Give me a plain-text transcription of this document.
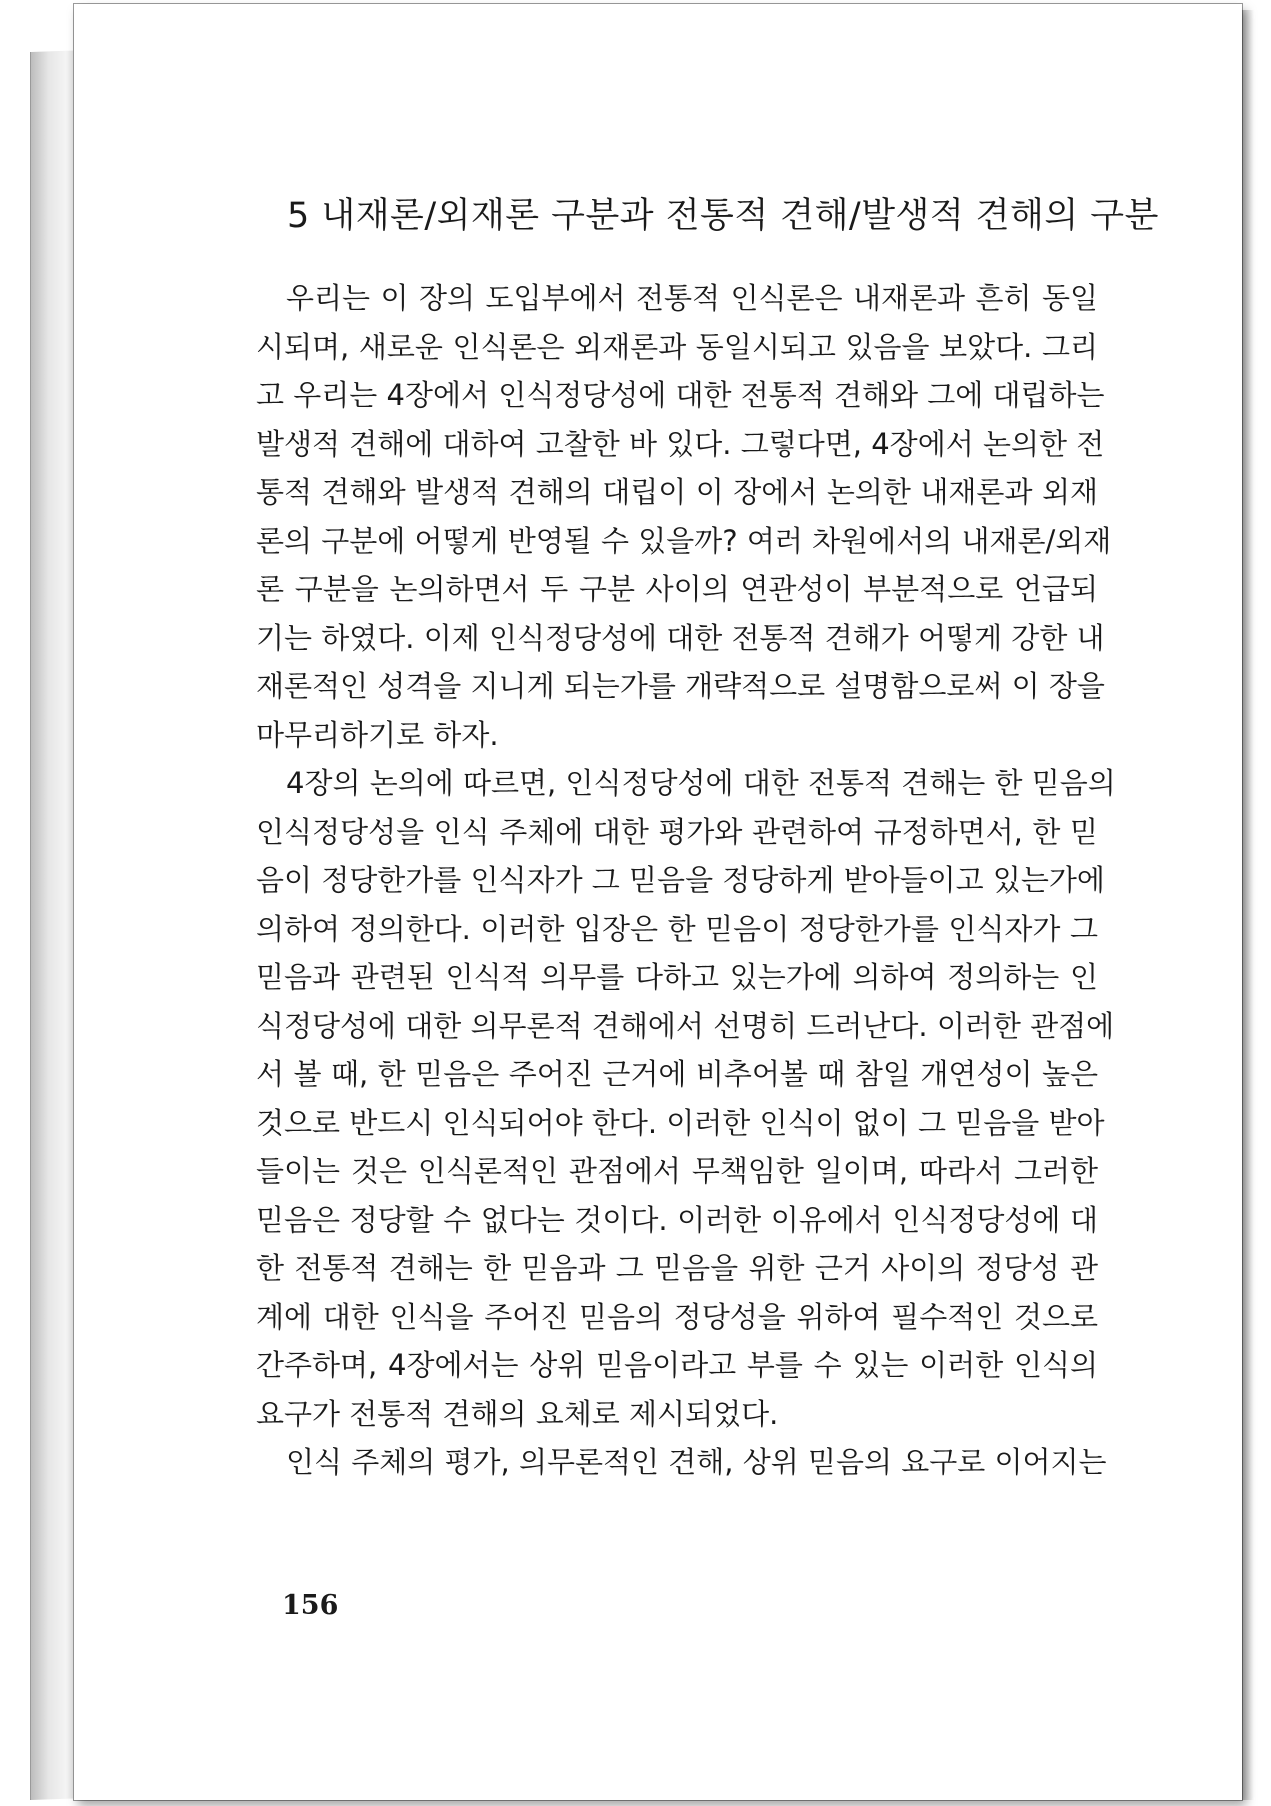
5 내재론/외재론 구분과 전통적 견해/발생적 견해의 구분
우리는 이 장의 도입부에서 전통적 인식론은 내재론과 흔히 동일
시되며, 새로운 인식론은 외재론과 동일시되고 있음을 보았다. 그리
고 우리는 4장에서 인식정당성에 대한 전통적 견해와 그에 대립하는
발생적 견해에 대하여 고찰한 바 있다. 그렇다면, 4장에서 논의한 전
통적 견해와 발생적 견해의 대립이 이 장에서 논의한 내재론과 외재
론의 구분에 어떻게 반영될 수 있을까? 여러 차원에서의 내재론/외재
론 구분을 논의하면서 두 구분 사이의 연관성이 부분적으로 언급되
기는 하였다. 이제 인식정당성에 대한 전통적 견해가 어떻게 강한 내
재론적인 성격을 지니게 되는가를 개략적으로 설명함으로써 이 장을
마무리하기로 하자.
4장의 논의에 따르면, 인식정당성에 대한 전통적 견해는 한 믿음의
인식정당성을 인식 주체에 대한 평가와 관련하여 규정하면서, 한 믿
음이 정당한가를 인식자가 그 믿음을 정당하게 받아들이고 있는가에
의하여 정의한다. 이러한 입장은 한 믿음이 정당한가를 인식자가 그
믿음과 관련된 인식적 의무를 다하고 있는가에 의하여 정의하는 인
식정당성에 대한 의무론적 견해에서 선명히 드러난다. 이러한 관점에
서 볼 때, 한 믿음은 주어진 근거에 비추어볼 때 참일 개연성이 높은
것으로 반드시 인식되어야 한다. 이러한 인식이 없이 그 믿음을 받아
들이는 것은 인식론적인 관점에서 무책임한 일이며, 따라서 그러한
믿음은 정당할 수 없다는 것이다. 이러한 이유에서 인식정당성에 대
한 전통적 견해는 한 믿음과 그 믿음을 위한 근거 사이의 정당성 관
계에 대한 인식을 주어진 믿음의 정당성을 위하여 필수적인 것으로
간주하며, 4장에서는 상위 믿음이라고 부를 수 있는 이러한 인식의
요구가 전통적 견해의 요체로 제시되었다.
인식 주체의 평가, 의무론적인 견해, 상위 믿음의 요구로 이어지는
156
